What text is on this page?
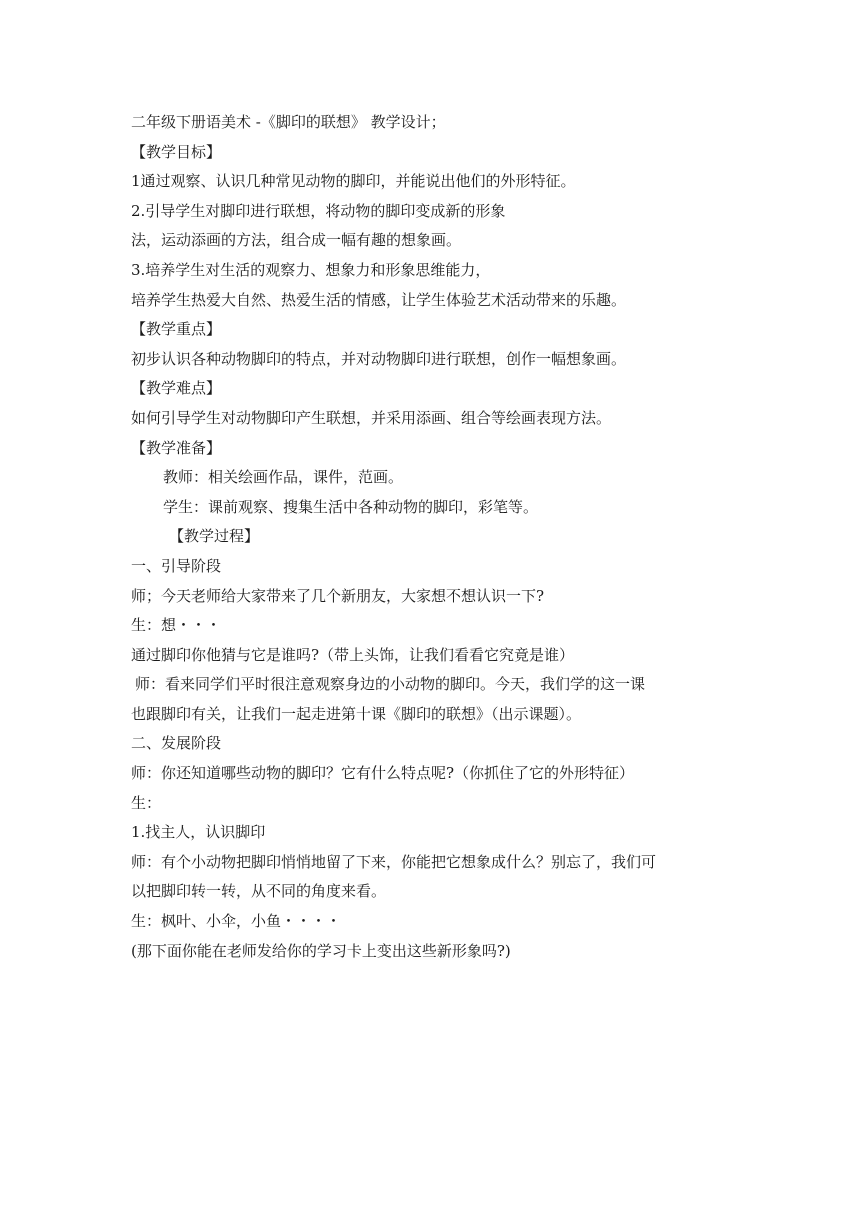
二年级下册语美术 -《脚印的联想》 教学设计；

【教学目标】

1通过观察、认识几种常见动物的脚印，并能说出他们的外形特征。

2.引导学生对脚印进行联想，将动物的脚印变成新的形象

法，运动添画的方法，组合成一幅有趣的想象画。

3.培养学生对生活的观察力、想象力和形象思维能力，

培养学生热爱大自然、热爱生活的情感，让学生体验艺术活动带来的乐趣。

【教学重点】

初步认识各种动物脚印的特点，并对动物脚印进行联想，创作一幅想象画。

【教学难点】

如何引导学生对动物脚印产生联想，并采用添画、组合等绘画表现方法。

【教学准备】

教师：相关绘画作品，课件，范画。

学生：课前观察、搜集生活中各种动物的脚印，彩笔等。

【教学过程】

一、引导阶段

师；今天老师给大家带来了几个新朋友，大家想不想认识一下?

生：想・・・

通过脚印你他猜与它是谁吗?（带上头饰，让我们看看它究竟是谁）

师：看来同学们平时很注意观察身边的小动物的脚印。今天，我们学的这一课

也跟脚印有关，让我们一起走进第十课《脚印的联想》（出示课题）。

二、发展阶段

师：你还知道哪些动物的脚印？它有什么特点呢?（你抓住了它的外形特征）

生：

1.找主人，认识脚印

师：有个小动物把脚印悄悄地留了下来，你能把它想象成什么？别忘了，我们可

以把脚印转一转，从不同的角度来看。

生：枫叶、小伞，小鱼・・・・

(那下面你能在老师发给你的学习卡上变出这些新形象吗?)
